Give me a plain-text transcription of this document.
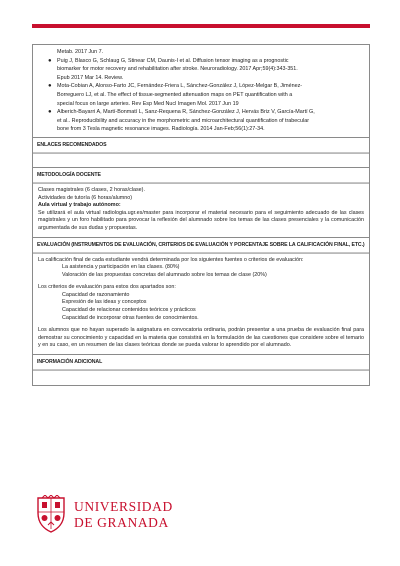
Metab. 2017 Jun 7.
● Puig J, Blasco G, Schlaug G, Stinear CM, Daunis-I et al. Diffusion tensor imaging as a prognostic
biomarker for motor recovery and rehabilitation after stroke. Neuroradiology. 2017 Apr;59(4):343-351.
Epub 2017 Mar 14. Review.
● Mota-Cobian A, Alonso-Farto JC, Fernández-Friera L, Sánchez-González J, López-Melgar B, Jiménez-
Borreguero LJ, et al. The effect of tissue-segmented attenuation maps on PET quantification with a
special focus on large arteries. Rev Esp Med Nucl Imagen Mol. 2017 Jun 19
● Alberich-Bayarri A, Martí-Bonmatí L, Sanz-Requena R, Sánchez-González J, Hervás Briz V, García-Martí G,
et al.. Reproducibility and accuracy in the morphometric and microarchitectural quantification of trabecular
bone from 3 Tesla magnetic resonance images. Radiología. 2014 Jan-Feb;56(1):27-34.
ENLACES RECOMENDADOS
METODOLOGÍA DOCENTE

Clases magistrales (6 clases, 2 horas/clase).

Actividades de tutoría (6 horas/alumno)

Aula virtual y trabajo autónomo:

Se utilizará el aula virtual radiologia.ugr.es/master para incorporar el material necesario para el seguimiento adecuado de las clases magistrales y un foro habilitado para provocar la reflexión del alumnado sobre los temas de las clases presenciales y la comunicación argumentada de sus dudas y propuestas.

EVALUACIÓN (INSTRUMENTOS DE EVALUACIÓN, CRITERIOS DE EVALUACIÓN Y PORCENTAJE SOBRE LA CALIFICACIÓN FINAL, ETC.)

La calificación final de cada estudiante vendrá determinada por los siguientes fuentes o criterios de evaluación:

La asistencia y participación en las clases. (80%)

Valoración de las propuestas concretas del alumnado sobre los temas de clase (20%)

Los criterios de evaluación para estos dos apartados son:

Capacidad de razonamiento

Expresión de las ideas y conceptos

Capacidad de relacionar contenidos teóricos y prácticos

Capacidad de incorporar otras fuentes de conocimientos.

Los alumnos que no hayan superado la asignatura en convocatoria ordinaria, podrán presentar a una prueba de evaluación final para demostrar su conocimiento y capacidad en la materia que consistirá en la formulación de las cuestiones que considere sobre el temario y en su caso, en un resumen de las clases teóricas donde se pueda valorar lo aprendido por el alumnado.

INFORMACIÓN ADICIONAL
UNIVERSIDAD
DE GRANADA
